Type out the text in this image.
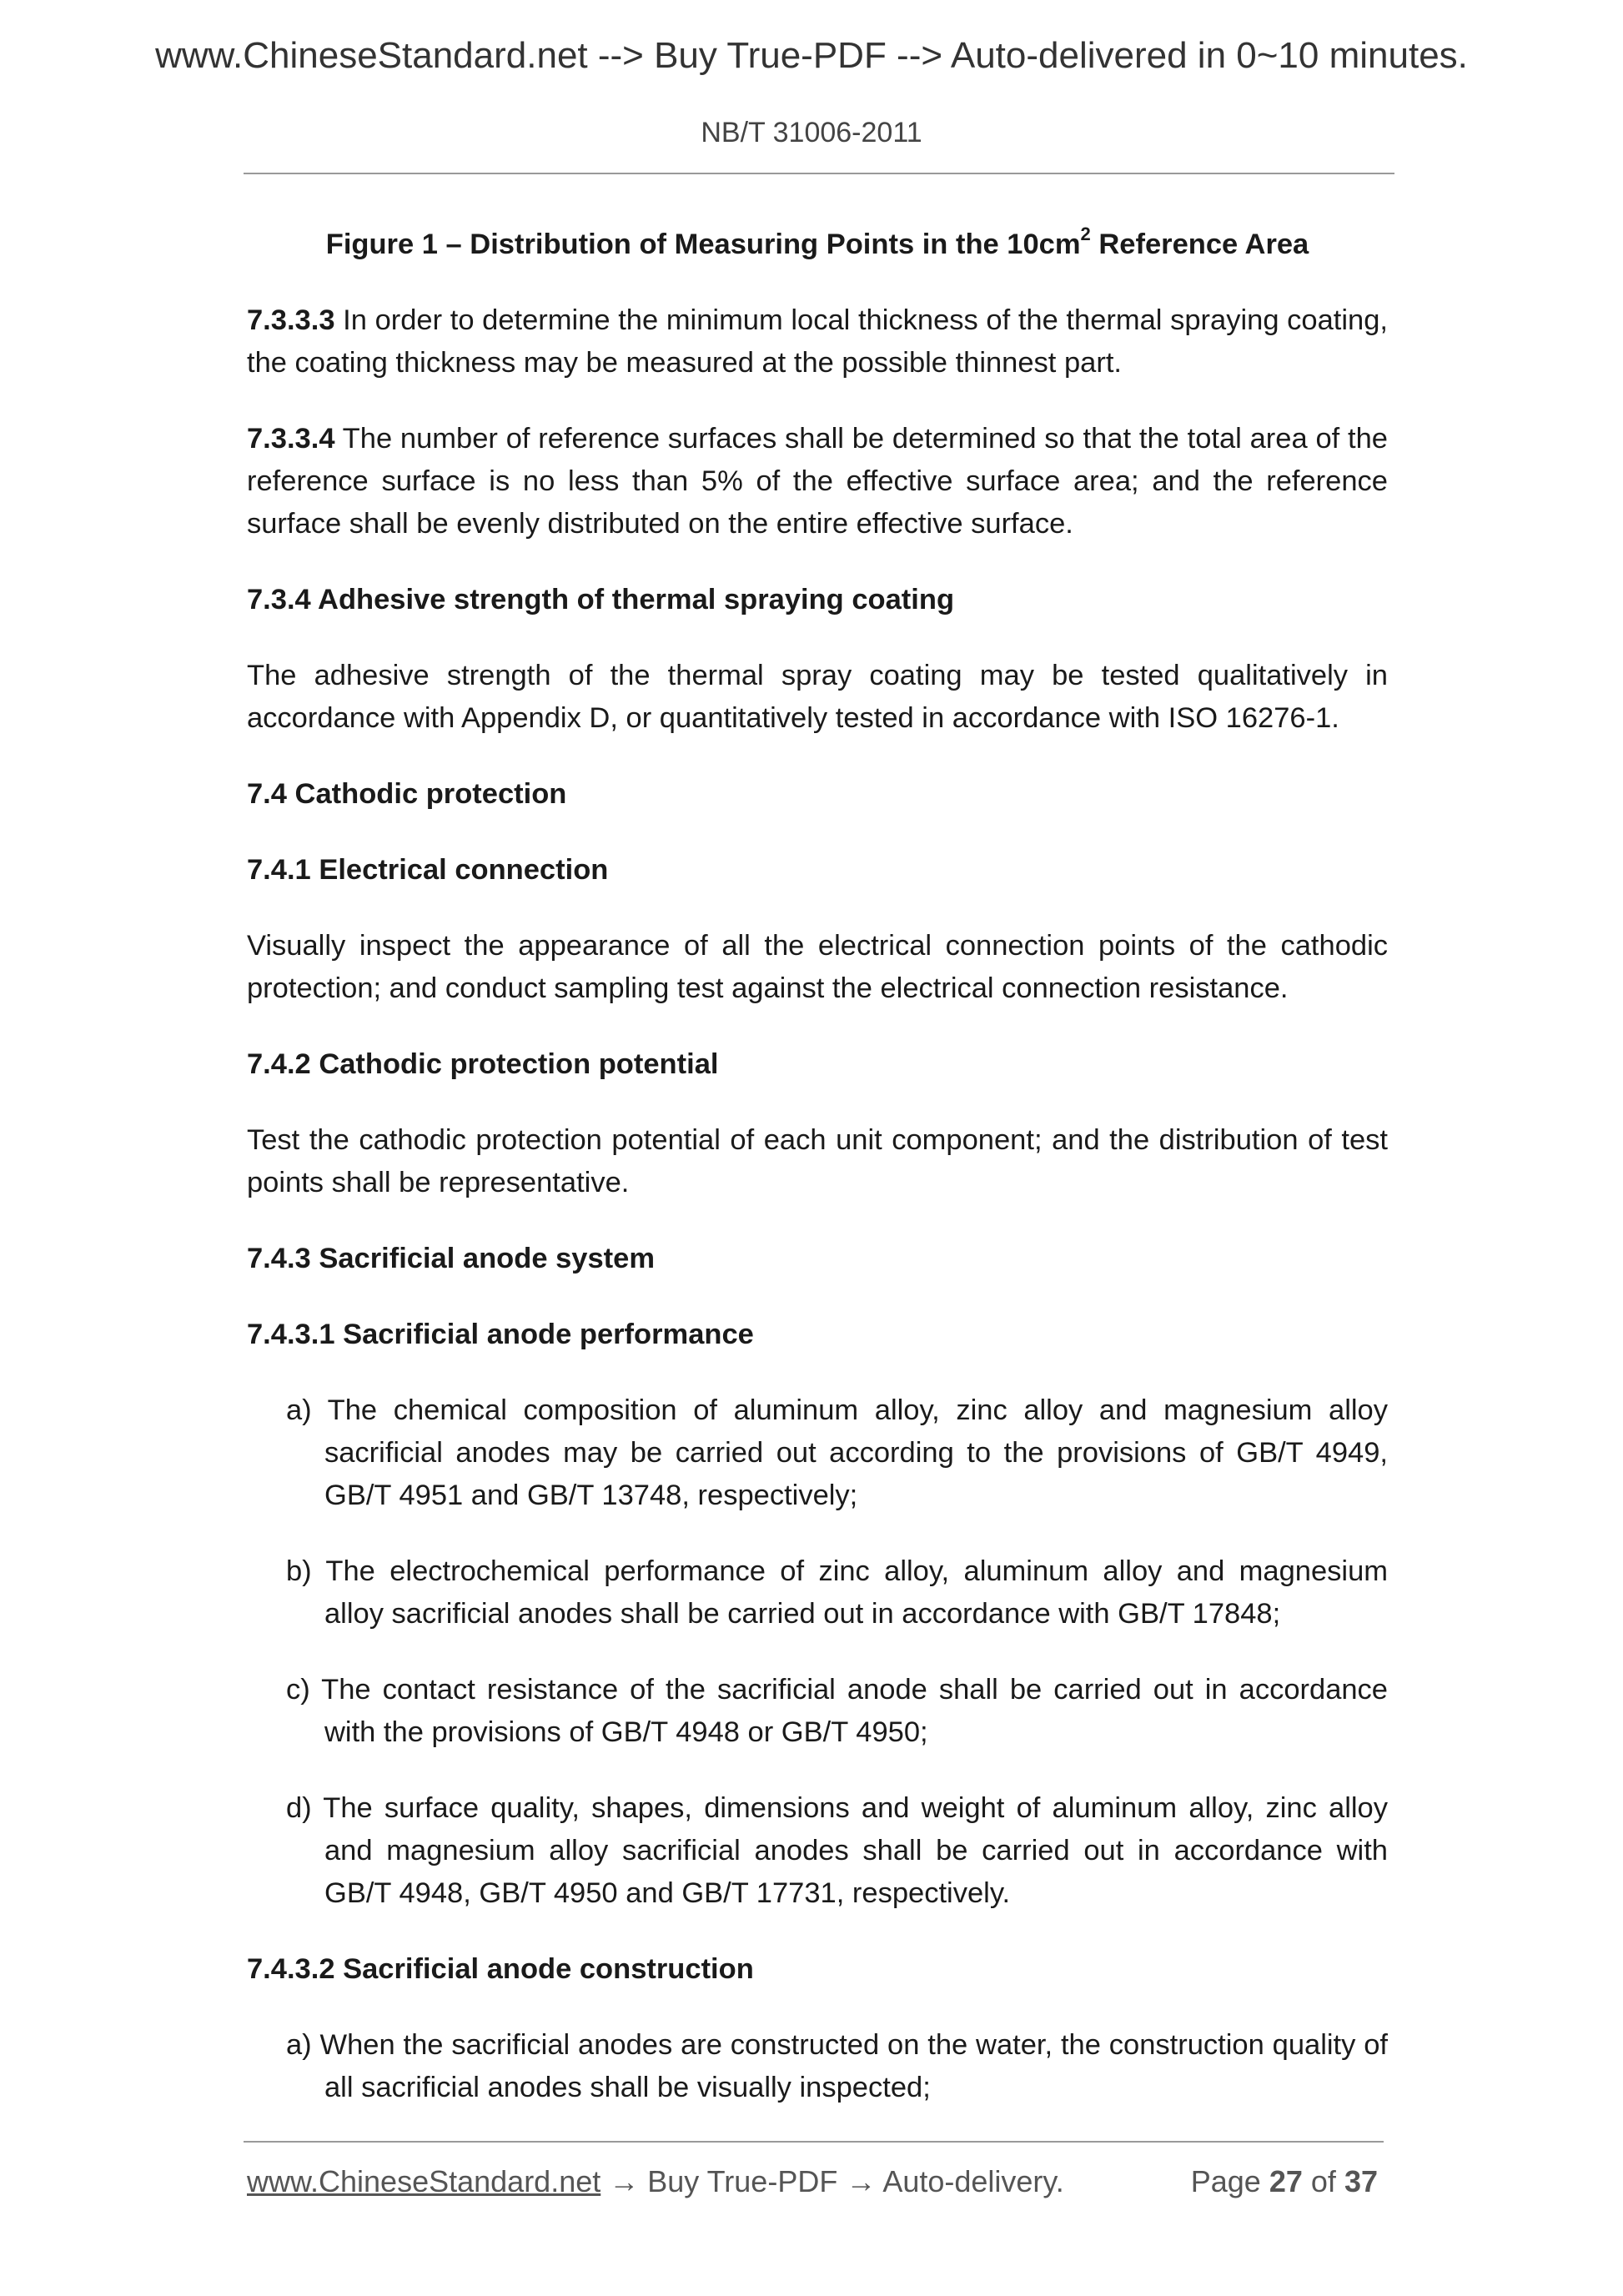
www.ChineseStandard.net --> Buy True-PDF --> Auto-delivered in 0~10 minutes.
NB/T 31006-2011
Figure 1 – Distribution of Measuring Points in the $10cm^2$ Reference Area
7.3.3.3 In order to determine the minimum local thickness of the thermal spraying coating, the coating thickness may be measured at the possible thinnest part.
7.3.3.4 The number of reference surfaces shall be determined so that the total area of the reference surface is no less than 5% of the effective surface area; and the reference surface shall be evenly distributed on the entire effective surface.
7.3.4 Adhesive strength of thermal spraying coating
The adhesive strength of the thermal spray coating may be tested qualitatively in accordance with Appendix D, or quantitatively tested in accordance with ISO 16276-1.
7.4 Cathodic protection
7.4.1 Electrical connection
Visually inspect the appearance of all the electrical connection points of the cathodic protection; and conduct sampling test against the electrical connection resistance.
7.4.2 Cathodic protection potential
Test the cathodic protection potential of each unit component; and the distribution of test points shall be representative.
7.4.3 Sacrificial anode system
7.4.3.1 Sacrificial anode performance
a) The chemical composition of aluminum alloy, zinc alloy and magnesium alloy sacrificial anodes may be carried out according to the provisions of GB/T 4949, GB/T 4951 and GB/T 13748, respectively;
b) The electrochemical performance of zinc alloy, aluminum alloy and magnesium alloy sacrificial anodes shall be carried out in accordance with GB/T 17848;
c) The contact resistance of the sacrificial anode shall be carried out in accordance with the provisions of GB/T 4948 or GB/T 4950;
d) The surface quality, shapes, dimensions and weight of aluminum alloy, zinc alloy and magnesium alloy sacrificial anodes shall be carried out in accordance with GB/T 4948, GB/T 4950 and GB/T 17731, respectively.
7.4.3.2 Sacrificial anode construction
a) When the sacrificial anodes are constructed on the water, the construction quality of all sacrificial anodes shall be visually inspected;
www.ChineseStandard.net → Buy True-PDF → Auto-delivery.	Page 27 of 37
